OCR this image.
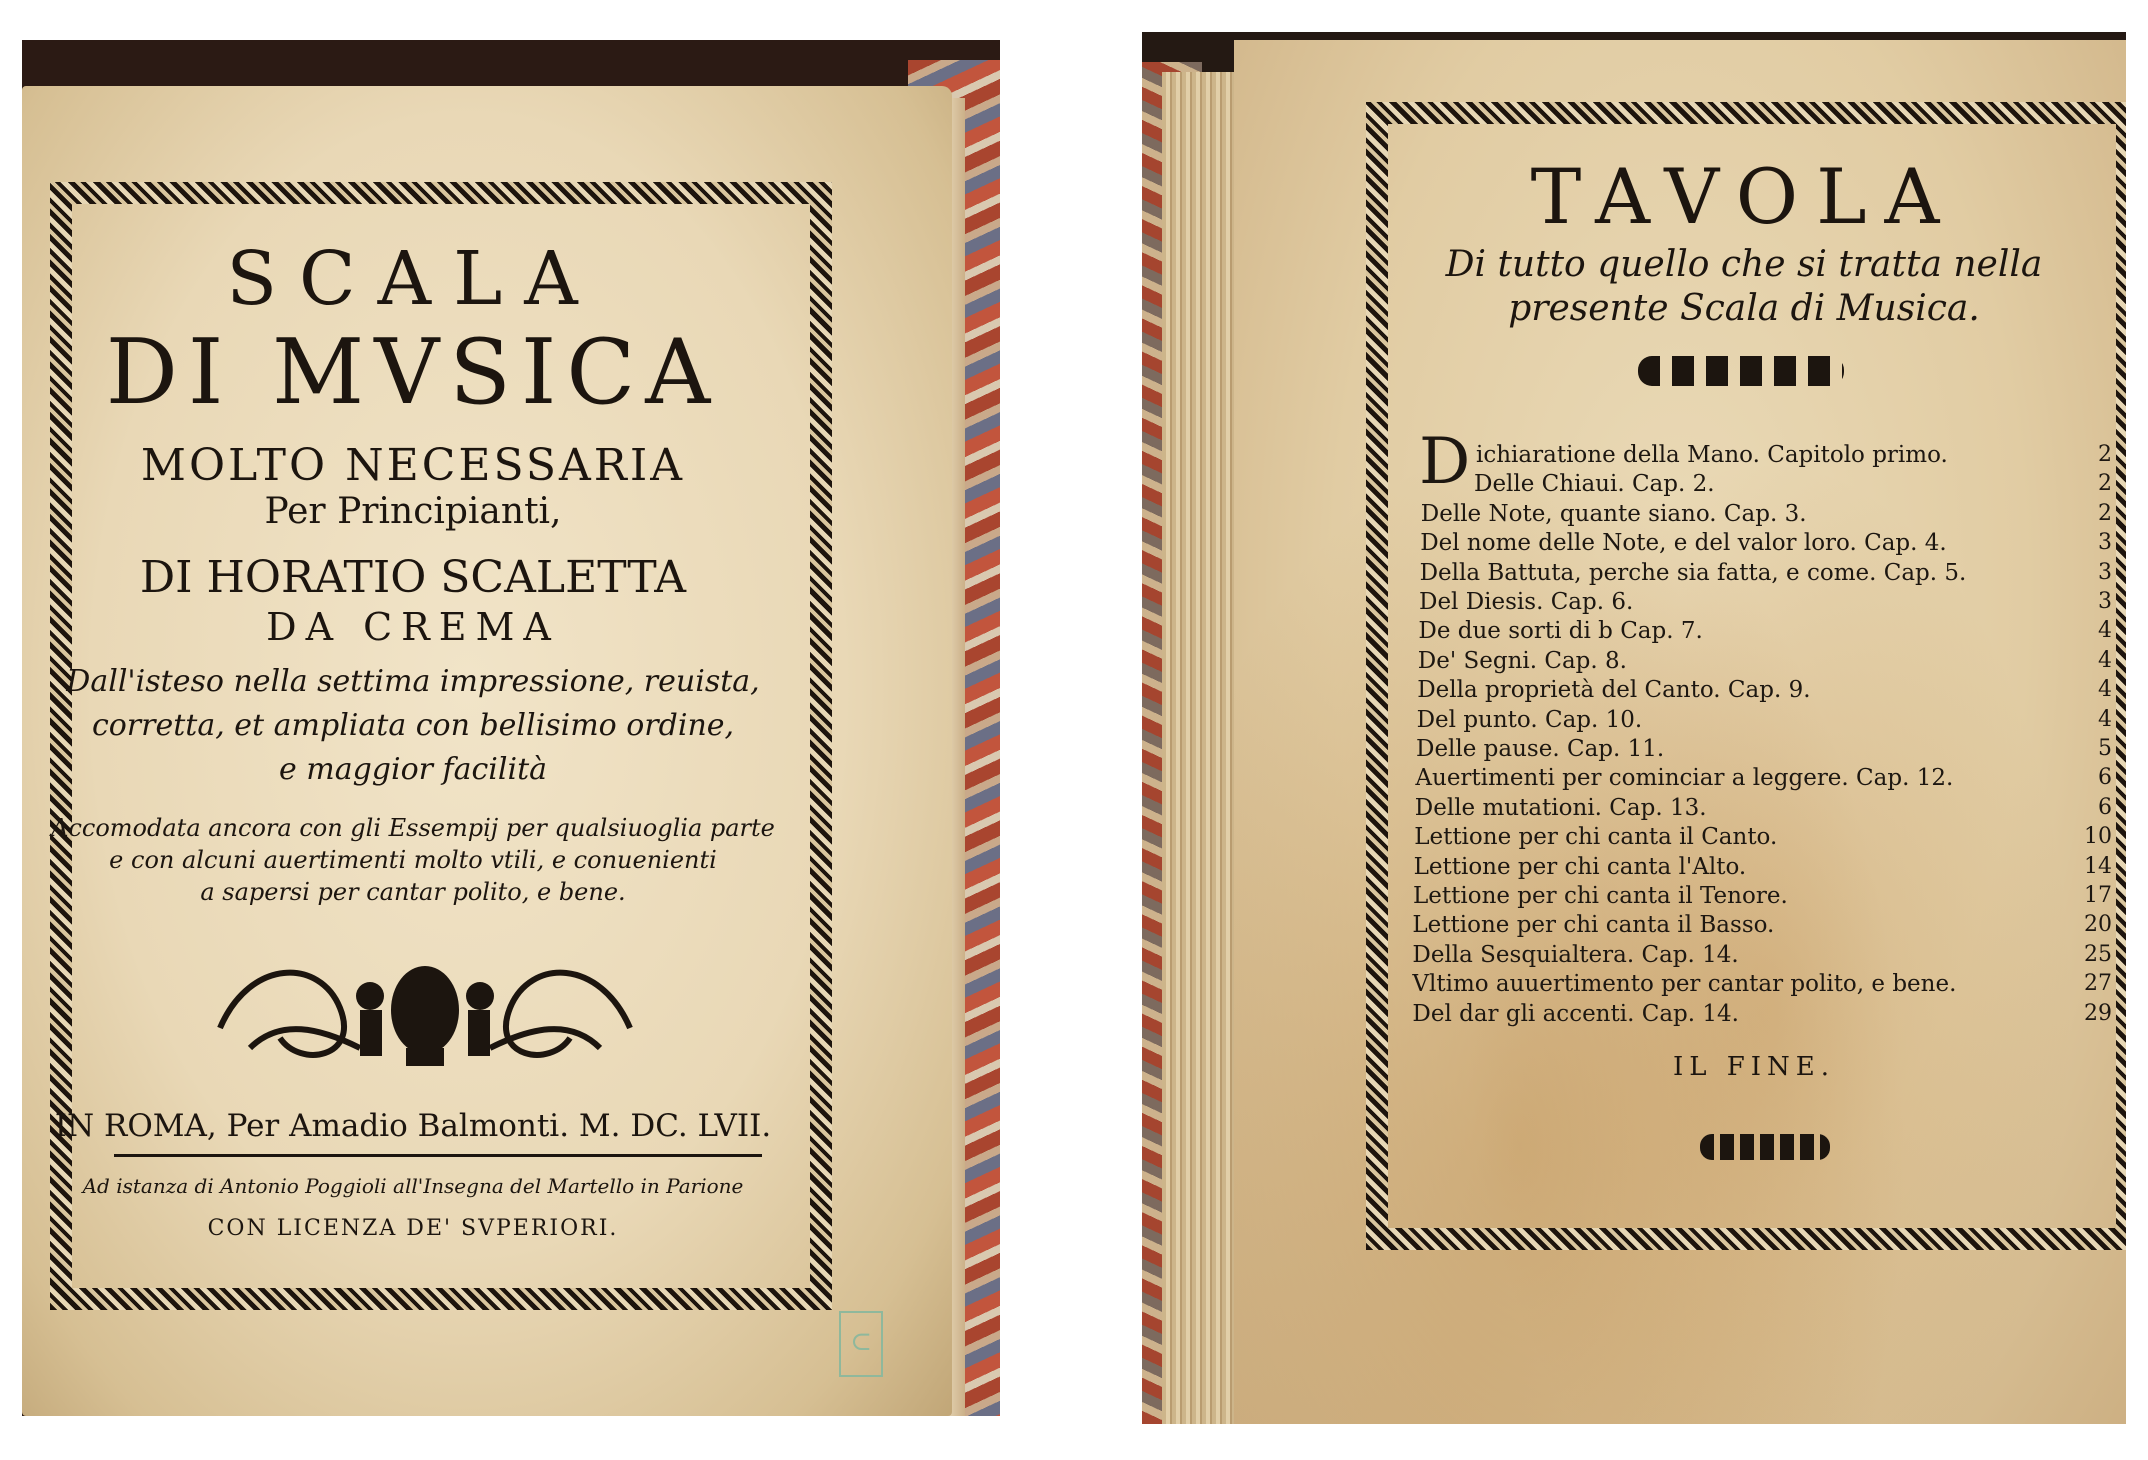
SCALA
DI MVSICA
MOLTO NECESSARIA
Per Principianti,
DI HORATIO SCALETTA
DA CREMA
Dall'isteso nella settima impressione, reuista,
corretta, et ampliata con bellisimo ordine,
e maggior facilità
Accomodata ancora con gli Essempij per qualsiuoglia parte
e con alcuni auertimenti molto vtili, e conuenienti
a sapersi per cantar polito, e bene.
IN ROMA, Per Amadio Balmonti. M. DC. LVII.
Ad istanza di Antonio Poggioli all'Insegna del Martello in Parione
CON LICENZA DE' SVPERIORI.
⊂
TAVOLA
Di tutto quello che si tratta nella
presente Scala di Musica.
D ichiaratione della Mano. Capitolo primo.	2
Delle Chiaui. Cap. 2.	2
Delle Note, quante siano. Cap. 3.	2
Del nome delle Note, e del valor loro. Cap. 4.	3
Della Battuta, perche sia fatta, e come. Cap. 5.	3
Del Diesis. Cap. 6.	3
De due sorti di b Cap. 7.	4
De' Segni. Cap. 8.	4
Della proprietà del Canto. Cap. 9.	4
Del punto. Cap. 10.	4
Delle pause. Cap. 11.	5
Auertimenti per cominciar a leggere. Cap. 12.	6
Delle mutationi. Cap. 13.	6
Lettione per chi canta il Canto.	10
Lettione per chi canta l'Alto.	14
Lettione per chi canta il Tenore.	17
Lettione per chi canta il Basso.	20
Della Sesquialtera. Cap. 14.	25
Vltimo auuertimento per cantar polito, e bene.	27
Del dar gli accenti. Cap. 14.	29
IL FINE.
